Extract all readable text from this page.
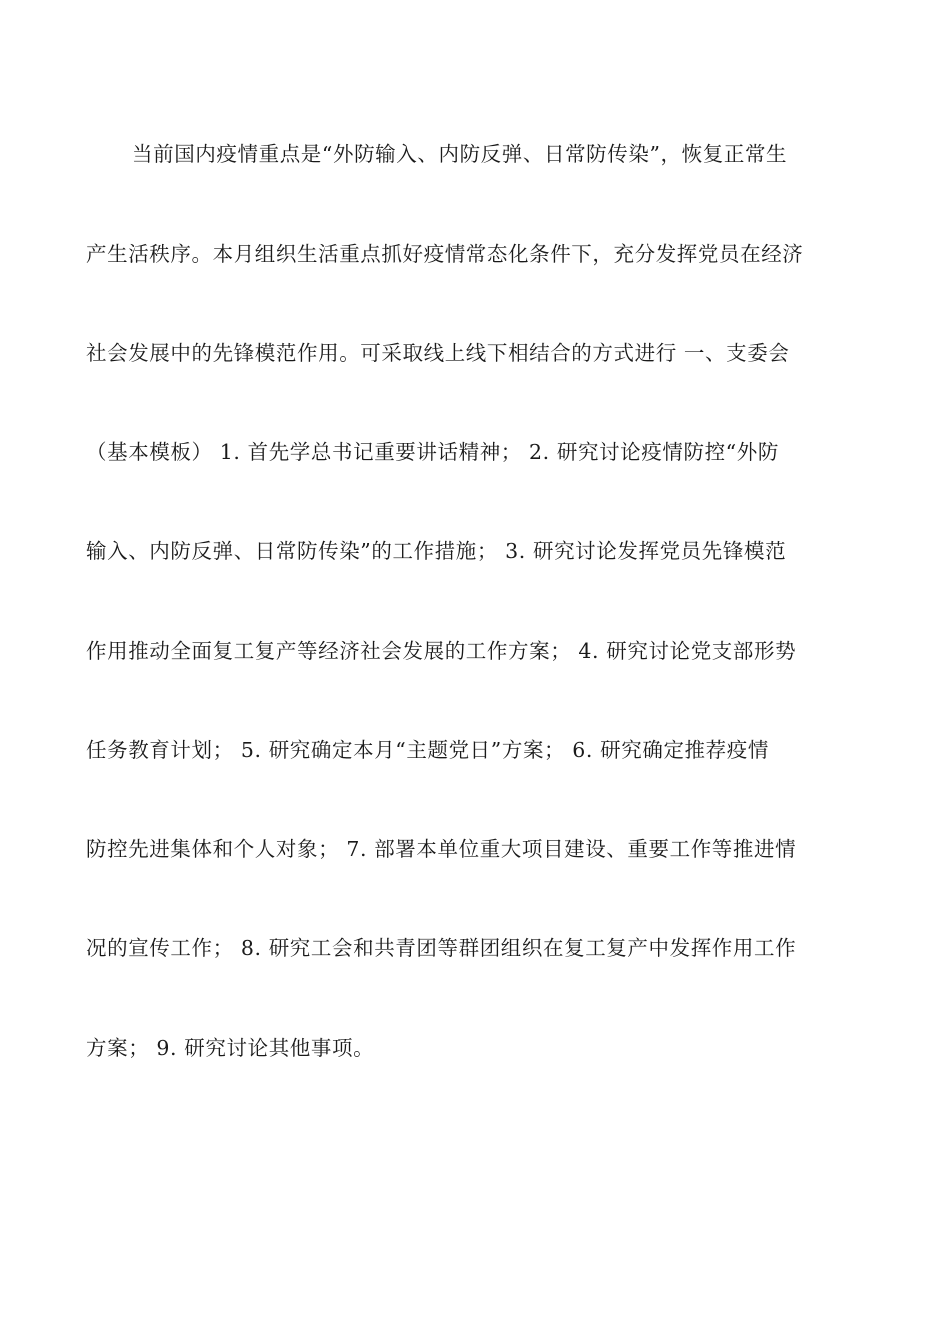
当前国内疫情重点是“外防输入、内防反弹、日常防传染”，恢复正常生
产生活秩序。本月组织生活重点抓好疫情常态化条件下，充分发挥党员在经济
社会发展中的先锋模范作用。可采取线上线下相结合的方式进行 一、支委会
（基本模板） 1. 首先学总书记重要讲话精神； 2. 研究讨论疫情防控“外防
输入、内防反弹、日常防传染”的工作措施； 3. 研究讨论发挥党员先锋模范
作用推动全面复工复产等经济社会发展的工作方案； 4. 研究讨论党支部形势
任务教育计划； 5. 研究确定本月“主题党日”方案； 6. 研究确定推荐疫情
防控先进集体和个人对象； 7. 部署本单位重大项目建设、重要工作等推进情
况的宣传工作； 8. 研究工会和共青团等群团组织在复工复产中发挥作用工作
方案； 9. 研究讨论其他事项。
